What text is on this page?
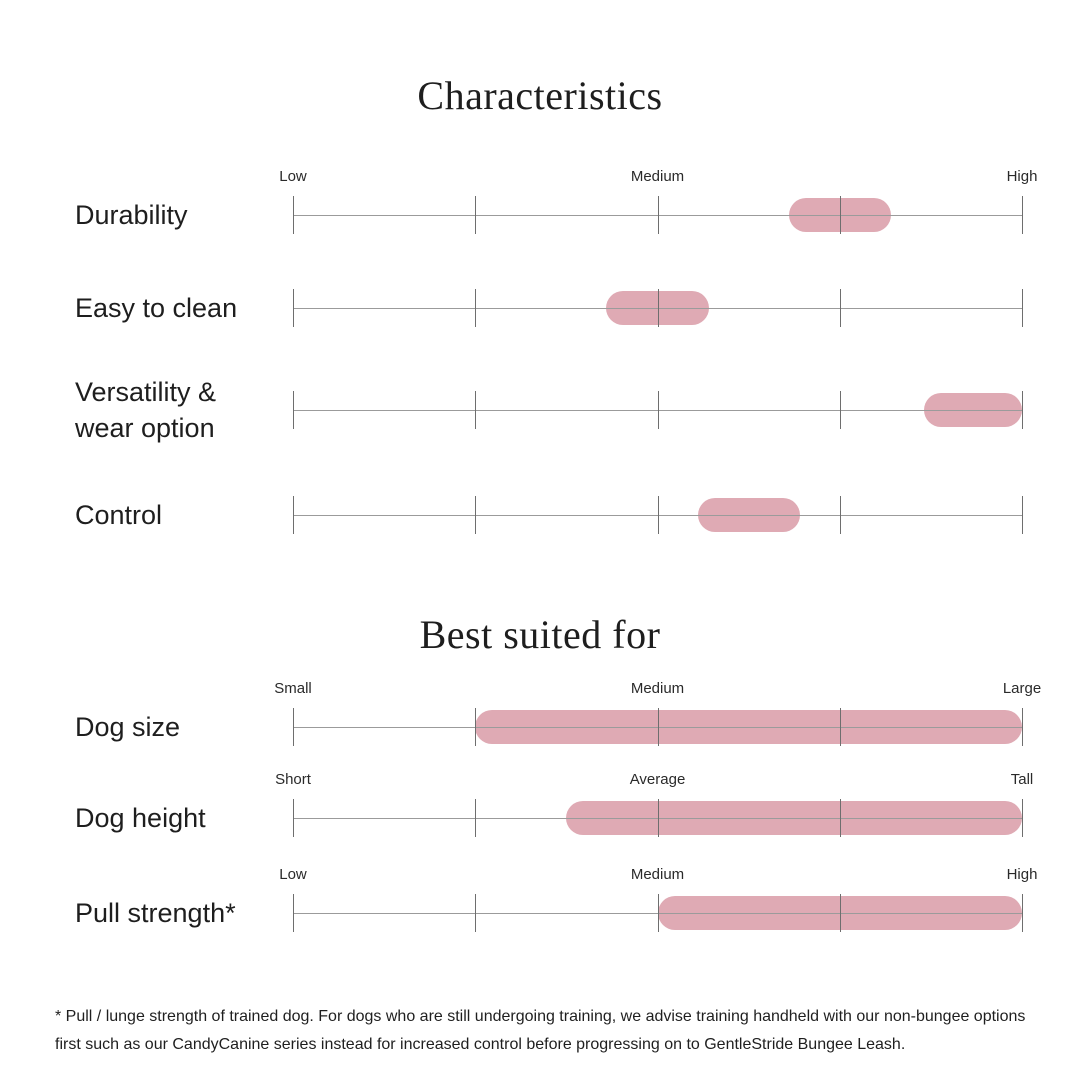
Characteristics
Durability
Low	Medium	High
Easy to clean
Versatility &
wear option
Control
Best suited for
Dog size
Small	Medium	Large
Dog height
Short	Average	Tall
Pull strength*
Low	Medium	High
* Pull / lunge strength of trained dog. For dogs who are still undergoing training, we advise training handheld with our non-bungee options first such as our CandyCanine series instead for increased control before progressing on to GentleStride Bungee Leash.
